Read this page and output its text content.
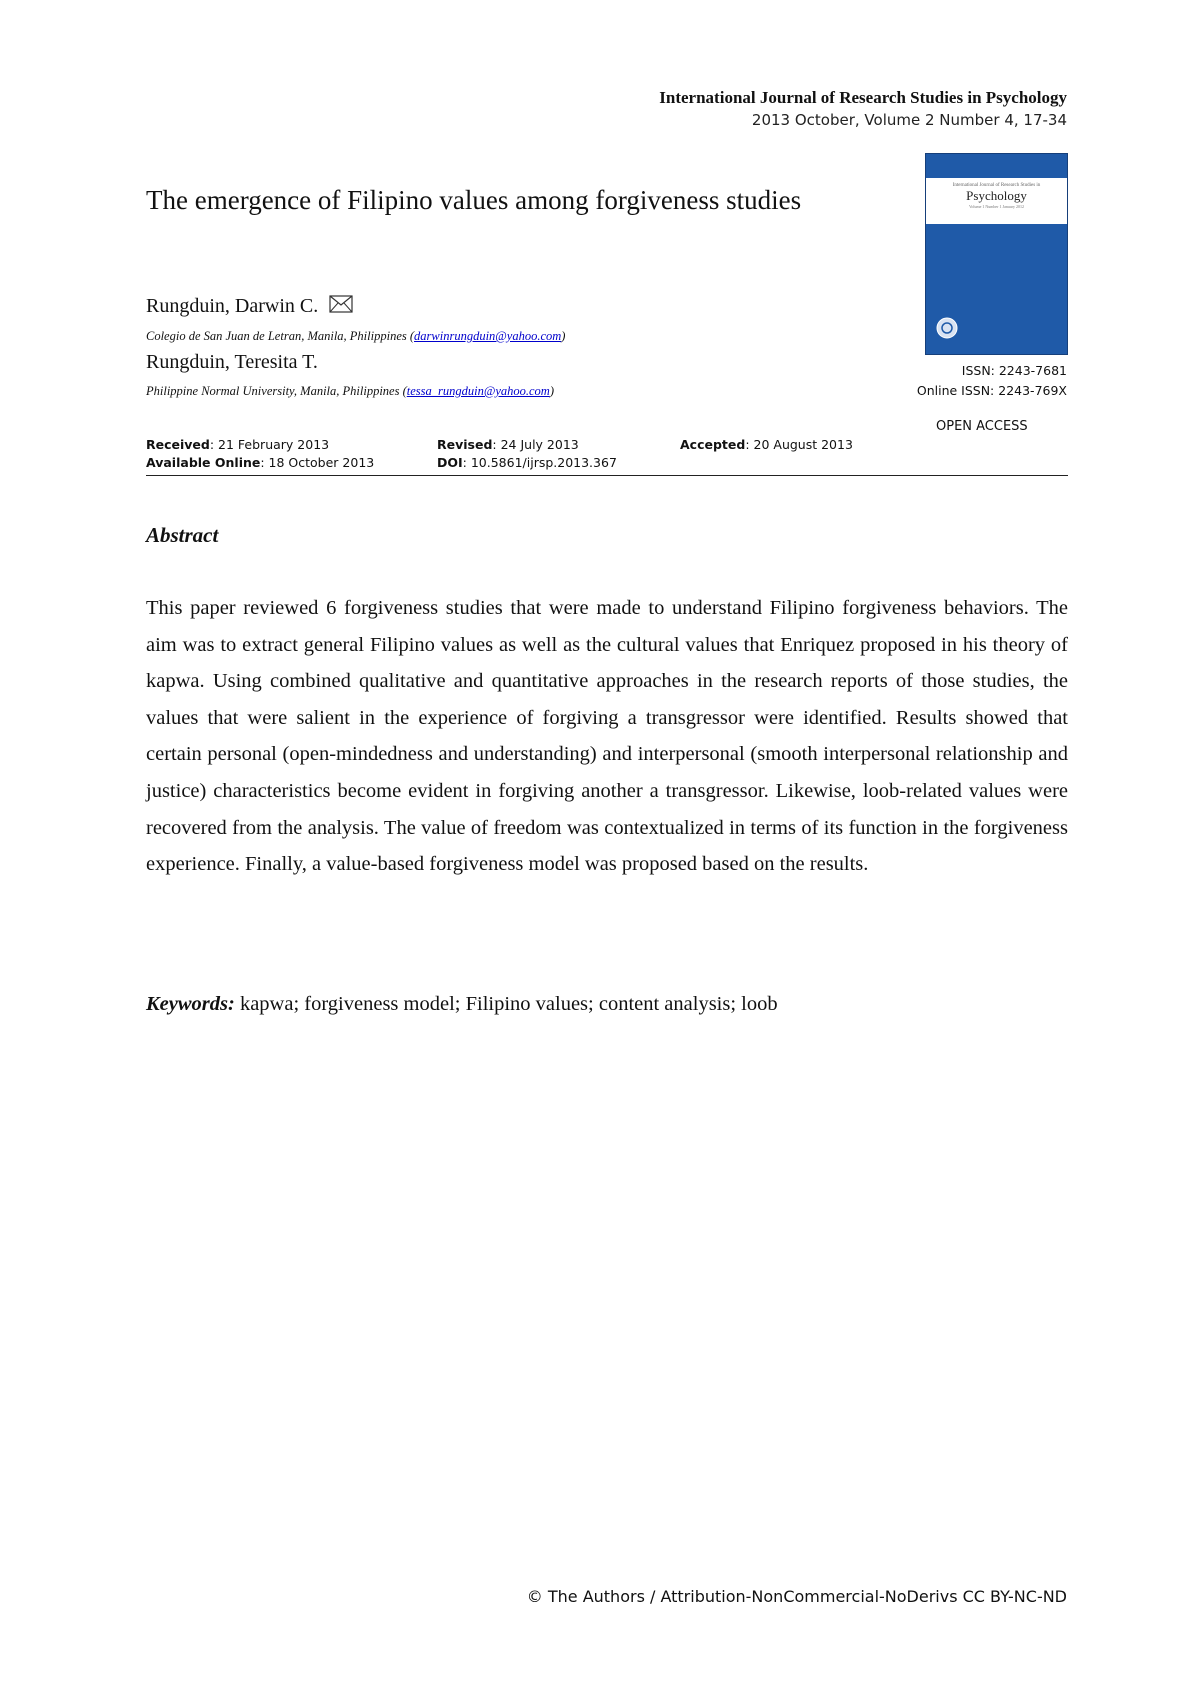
International Journal of Research Studies in Psychology
2013 October, Volume 2 Number 4, 17-34
The emergence of Filipino values among forgiveness studies
Rungduin, Darwin C.
Colegio de San Juan de Letran, Manila, Philippines (darwinrungduin@yahoo.com)
Rungduin, Teresita T.
Philippine Normal University, Manila, Philippines (tessa_rungduin@yahoo.com)
International Journal of Research Studies in
Psychology
Volume 1 Number 1 January 2012
ISSN: 2243-7681
Online ISSN: 2243-769X
OPEN ACCESS
Received: 21 February 2013	Revised: 24 July 2013	Accepted: 20 August 2013
Available Online: 18 October 2013	DOI: 10.5861/ijrsp.2013.367
Abstract

This paper reviewed 6 forgiveness studies that were made to understand Filipino forgiveness behaviors. The aim was to extract general Filipino values as well as the cultural values that Enriquez proposed in his theory of kapwa. Using combined qualitative and quantitative approaches in the research reports of those studies, the values that were salient in the experience of forgiving a transgressor were identified. Results showed that certain personal (open-mindedness and understanding) and interpersonal (smooth interpersonal relationship and justice) characteristics become evident in forgiving another a transgressor. Likewise, loob-related values were recovered from the analysis. The value of freedom was contextualized in terms of its function in the forgiveness experience. Finally, a value-based forgiveness model was proposed based on the results.

Keywords: kapwa; forgiveness model; Filipino values; content analysis; loob
© The Authors / Attribution-NonCommercial-NoDerivs CC BY-NC-ND
